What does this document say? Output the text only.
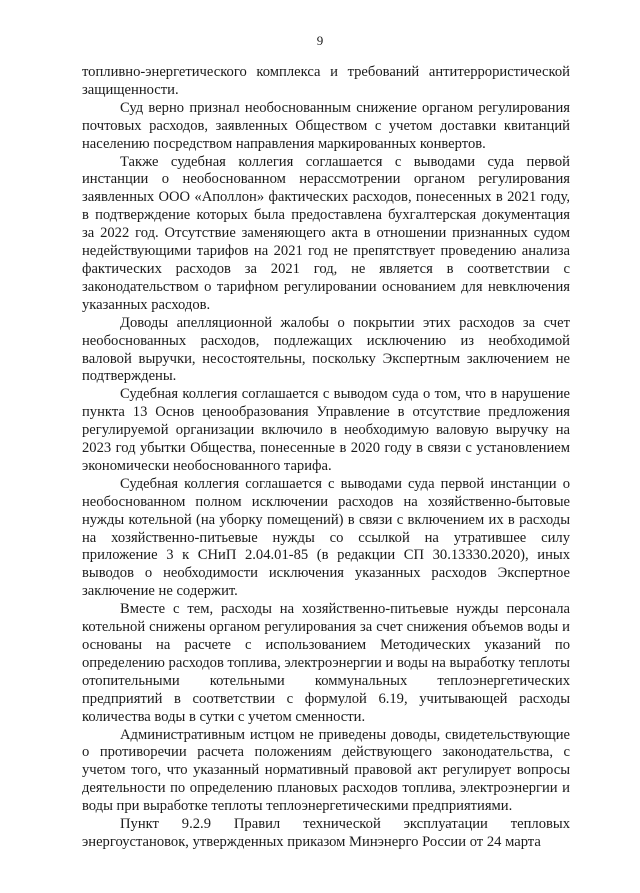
9

топливно-энергетического комплекса и требований антитеррористической защищенности.

Суд верно признал необоснованным снижение органом регулирования почтовых расходов, заявленных Обществом с учетом доставки квитанций населению посредством направления маркированных конвертов.

Также судебная коллегия соглашается с выводами суда первой инстанции о необоснованном нерассмотрении органом регулирования заявленных ООО «Аполлон» фактических расходов, понесенных в 2021 году, в подтверждение которых была предоставлена бухгалтерская документация за 2022 год. Отсутствие заменяющего акта в отношении признанных судом недействующими тарифов на 2021 год не препятствует проведению анализа фактических расходов за 2021 год, не является в соответствии с законодательством о тарифном регулировании основанием для невключения указанных расходов.

Доводы апелляционной жалобы о покрытии этих расходов за счет необоснованных расходов, подлежащих исключению из необходимой валовой выручки, несостоятельны, поскольку Экспертным заключением не подтверждены.

Судебная коллегия соглашается с выводом суда о том, что в нарушение пункта 13 Основ ценообразования Управление в отсутствие предложения регулируемой организации включило в необходимую валовую выручку на 2023 год убытки Общества, понесенные в 2020 году в связи с установлением экономически необоснованного тарифа.

Судебная коллегия соглашается с выводами суда первой инстанции о необоснованном полном исключении расходов на хозяйственно-бытовые нужды котельной (на уборку помещений) в связи с включением их в расходы на хозяйственно-питьевые нужды со ссылкой на утратившее силу приложение 3 к СНиП 2.04.01-85 (в редакции СП 30.13330.2020), иных выводов о необходимости исключения указанных расходов Экспертное заключение не содержит.

Вместе с тем, расходы на хозяйственно-питьевые нужды персонала котельной снижены органом регулирования за счет снижения объемов воды и основаны на расчете с использованием Методических указаний по определению расходов топлива, электроэнергии и воды на выработку теплоты отопительными котельными коммунальных теплоэнергетических предприятий в соответствии с формулой 6.19, учитывающей расходы количества воды в сутки с учетом сменности.

Административным истцом не приведены доводы, свидетельствующие о противоречии расчета положениям действующего законодательства, с учетом того, что указанный нормативный правовой акт регулирует вопросы деятельности по определению плановых расходов топлива, электроэнергии и воды при выработке теплоты теплоэнергетическими предприятиями.

Пункт 9.2.9 Правил технической эксплуатации тепловых энергоустановок, утвержденных приказом Минэнерго России от 24 марта
